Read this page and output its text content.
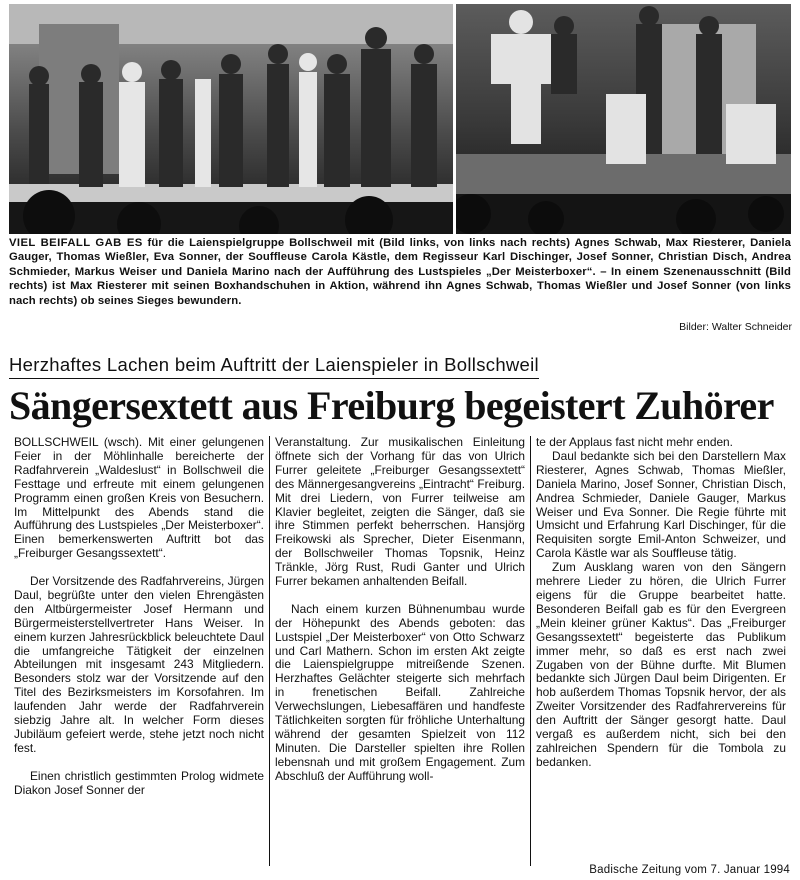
VIEL BEIFALL GAB ES für die Laienspielgruppe Bollschweil mit (Bild links, von links nach rechts) Agnes Schwab, Max Riesterer, Daniela Gauger, Thomas Wießler, Eva Sonner, der Souffleuse Carola Kästle, dem Regisseur Karl Dischinger, Josef Sonner, Christian Disch, Andrea Schmieder, Markus Weiser und Daniela Marino nach der Aufführung des Lustspieles „Der Meisterboxer“. – In einem Szenenausschnitt (Bild rechts) ist Max Riesterer mit seinen Boxhandschuhen in Aktion, während ihn Agnes Schwab, Thomas Wießler und Josef Sonner (von links nach rechts) ob seines Sieges bewundern.
Bilder: Walter Schneider
Herzhaftes Lachen beim Auftritt der Laienspieler in Bollschweil
Sängersextett aus Freiburg begeistert Zuhörer

BOLLSCHWEIL (wsch). Mit einer gelungenen Feier in der Möhlinhalle bereicherte der Radfahrverein „Waldeslust“ in Bollschweil die Festtage und erfreute mit einem gelungenen Programm einen großen Kreis von Besuchern. Im Mittelpunkt des Abends stand die Aufführung des Lustspieles „Der Meisterboxer“. Einen bemerkenswerten Auftritt bot das „Freiburger Gesangssextett“.

Der Vorsitzende des Radfahrvereins, Jürgen Daul, begrüßte unter den vielen Ehrengästen den Altbürgermeister Josef Hermann und Bürgermeisterstellvertreter Hans Weiser. In einem kurzen Jahresrückblick beleuchtete Daul die umfangreiche Tätigkeit der einzelnen Abteilungen mit insgesamt 243 Mitgliedern. Besonders stolz war der Vorsitzende auf den Titel des Bezirksmeisters im Korsofahren. Im laufenden Jahr werde der Radfahrverein siebzig Jahre alt. In welcher Form dieses Jubiläum gefeiert werde, stehe jetzt noch nicht fest.

Einen christlich gestimmten Prolog widmete Diakon Josef Sonner der

Veranstaltung. Zur musikalischen Einleitung öffnete sich der Vorhang für das von Ulrich Furrer geleitete „Freiburger Gesangssextett“ des Männergesangvereins „Eintracht“ Freiburg. Mit drei Liedern, von Furrer teilweise am Klavier begleitet, zeigten die Sänger, daß sie ihre Stimmen perfekt beherrschen. Hansjörg Freikowski als Sprecher, Dieter Eisenmann, der Bollschweiler Thomas Topsnik, Heinz Tränkle, Jörg Rust, Rudi Ganter und Ulrich Furrer bekamen anhaltenden Beifall.

Nach einem kurzen Bühnenumbau wurde der Höhepunkt des Abends geboten: das Lustspiel „Der Meisterboxer“ von Otto Schwarz und Carl Mathern. Schon im ersten Akt zeigte die Laienspielgruppe mitreißende Szenen. Herzhaftes Gelächter steigerte sich mehrfach in frenetischen Beifall. Zahlreiche Verwechslungen, Liebesaffären und handfeste Tätlichkeiten sorgten für fröhliche Unterhaltung während der gesamten Spielzeit von 112 Minuten. Die Darsteller spielten ihre Rollen lebensnah und mit großem Engagement. Zum Abschluß der Aufführung woll-

te der Applaus fast nicht mehr enden.

Daul bedankte sich bei den Darstellern Max Riesterer, Agnes Schwab, Thomas Mießler, Daniela Marino, Josef Sonner, Christian Disch, Andrea Schmieder, Daniele Gauger, Markus Weiser und Eva Sonner. Die Regie führte mit Umsicht und Erfahrung Karl Dischinger, für die Requisiten sorgte Emil-Anton Schweizer, und Carola Kästle war als Souffleuse tätig.

Zum Ausklang waren von den Sängern mehrere Lieder zu hören, die Ulrich Furrer eigens für die Gruppe bearbeitet hatte. Besonderen Beifall gab es für den Evergreen „Mein kleiner grüner Kaktus“. Das „Freiburger Gesangssextett“ begeisterte das Publikum immer mehr, so daß es erst nach zwei Zugaben von der Bühne durfte. Mit Blumen bedankte sich Jürgen Daul beim Dirigenten. Er hob außerdem Thomas Topsnik hervor, der als Zweiter Vorsitzender des Radfahrervereins für den Auftritt der Sänger gesorgt hatte. Daul vergaß es außerdem nicht, sich bei den zahlreichen Spendern für die Tombola zu bedanken.

Badische Zeitung vom 7. Januar 1994
